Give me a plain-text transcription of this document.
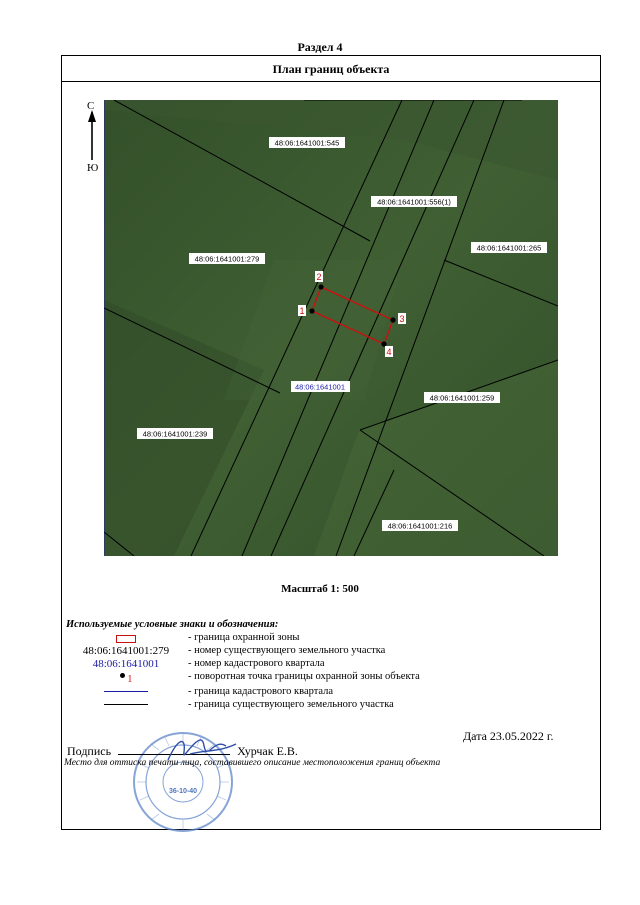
Раздел 4
План границ объекта
С
Ю
1
2
3
4
48:06:1641001:545
48:06:1641001:556(1)
48:06:1641001:265
48:06:1641001:279
48:06:1641001
48:06:1641001:259
48:06:1641001:239
48:06:1641001:216
Масштаб 1: 500
Используемые условные знаки и обозначения:
- граница охранной зоны
48:06:1641001:279	- номер существующего земельного участка
48:06:1641001	- номер кадастрового квартала
1	- поворотная точка границы охранной зоны объекта
- граница кадастрового квартала
- граница существующего земельного участка
Дата 23.05.2022 г.
36-10-40
Подпись	Хурчак Е.В.
Место для оттиска печати лица, составившего описание местоположения границ объекта
